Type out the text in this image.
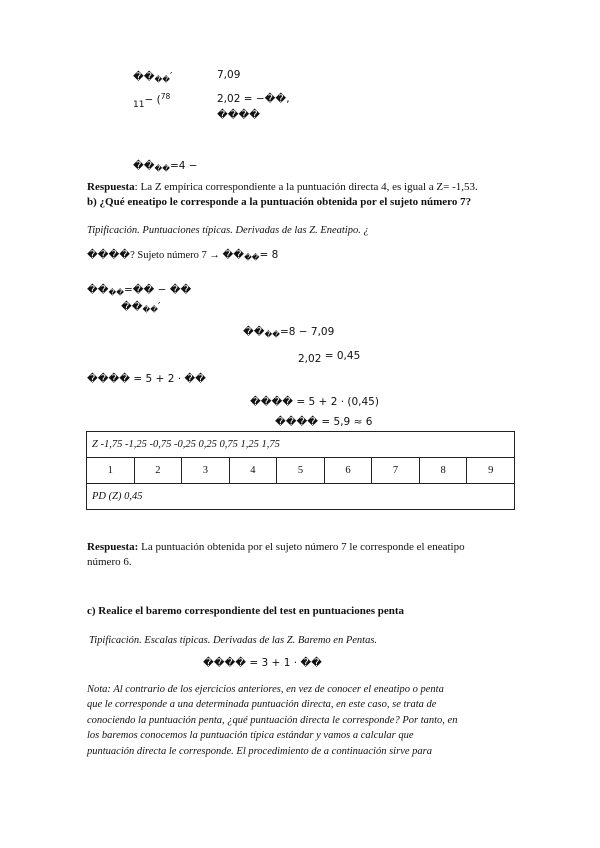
����′	7,09
11− ($^{78}$	2,02 = −��,
����
����=4 −
Respuesta: La Z empírica correspondiente a la puntuación directa 4, es igual a Z= -1,53.
b) ¿Qué eneatipo le corresponde a la puntuación obtenida por el sujeto número 7?
Tipificación. Puntuaciones típicas. Derivadas de las Z. Eneatipo. ¿
����? Sujeto número 7 → ����= 8
����=�� − ��
����′
����=8 − 7,09
2,02 = 0,45
���� = 5 + 2 · ��
���� = 5 + 2 · (0,45)
���� = 5,9 ≈ 6
Z -1,75 -1,25 -0,75 -0,25 0,25 0,75 1,25 1,75
1	2	3	4	5	6	7	8	9
PD (Z) 0,45
Respuesta: La puntuación obtenida por el sujeto número 7 le corresponde el eneatipo
número 6.
c) Realice el baremo correspondiente del test en puntuaciones penta
Tipificación. Escalas típicas. Derivadas de las Z. Baremo en Pentas.
���� = 3 + 1 · ��
Nota: Al contrario de los ejercicios anteriores, en vez de conocer el eneatipo o penta
que le corresponde a una determinada puntuación directa, en este caso, se trata de
conociendo la puntuación penta, ¿qué puntuación directa le corresponde? Por tanto, en
los baremos conocemos la puntuación típica estándar y vamos a calcular que
puntuación directa le corresponde. El procedimiento de a continuación sirve para
